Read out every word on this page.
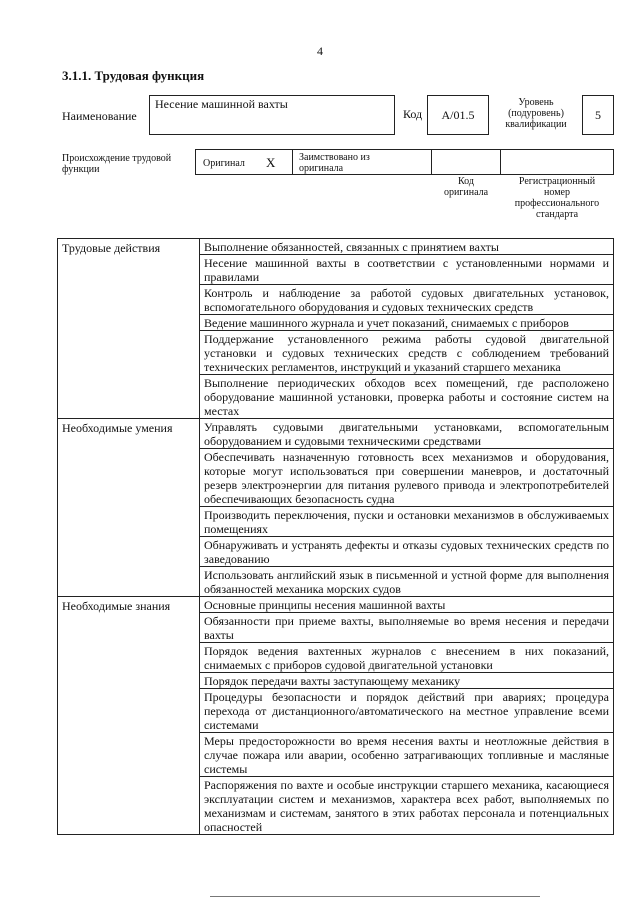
4
3.1.1. Трудовая функция
Наименование
Несение машинной вахты
Код	A/01.5
Уровень
(подуровень)
квалификации
5
Происхождение трудовой
функции
Оригинал X Заимствовано из
оригинала
Код
оригинала
Регистрационный
номер
профессионального
стандарта
Трудовые действия	Выполнение обязанностей, связанных с принятием вахты
Несение машинной вахты в соответствии с установленными нормами и правилами
Контроль и наблюдение за работой судовых двигательных установок, вспомогательного оборудования и судовых технических средств
Ведение машинного журнала и учет показаний, снимаемых с приборов
Поддержание установленного режима работы судовой двигательной установки и судовых технических средств с соблюдением требований технических регламентов, инструкций и указаний старшего механика
Выполнение периодических обходов всех помещений, где расположено оборудование машинной установки, проверка работы и состояние систем на местах
Необходимые умения	Управлять судовыми двигательными установками, вспомогательным оборудованием и судовыми техническими средствами
Обеспечивать назначенную готовность всех механизмов и оборудования, которые могут использоваться при совершении маневров, и достаточный резерв электроэнергии для питания рулевого привода и электропотребителей обеспечивающих безопасность судна
Производить переключения, пуски и остановки механизмов в обслуживаемых помещениях
Обнаруживать и устранять дефекты и отказы судовых технических средств по заведованию
Использовать английский язык в письменной и устной форме для выполнения обязанностей механика морских судов
Необходимые знания	Основные принципы несения машинной вахты
Обязанности при приеме вахты, выполняемые во время несения и передачи вахты
Порядок ведения вахтенных журналов с внесением в них показаний, снимаемых с приборов судовой двигательной установки
Порядок передачи вахты заступающему механику
Процедуры безопасности и порядок действий при авариях; процедура перехода от дистанционного/автоматического на местное управление всеми системами
Меры предосторожности во время несения вахты и неотложные действия в случае пожара или аварии, особенно затрагивающих топливные и масляные системы
Распоряжения по вахте и особые инструкции старшего механика, касающиеся эксплуатации систем и механизмов, характера всех работ, выполняемых по механизмам и системам, занятого в этих работах персонала и потенциальных опасностей
